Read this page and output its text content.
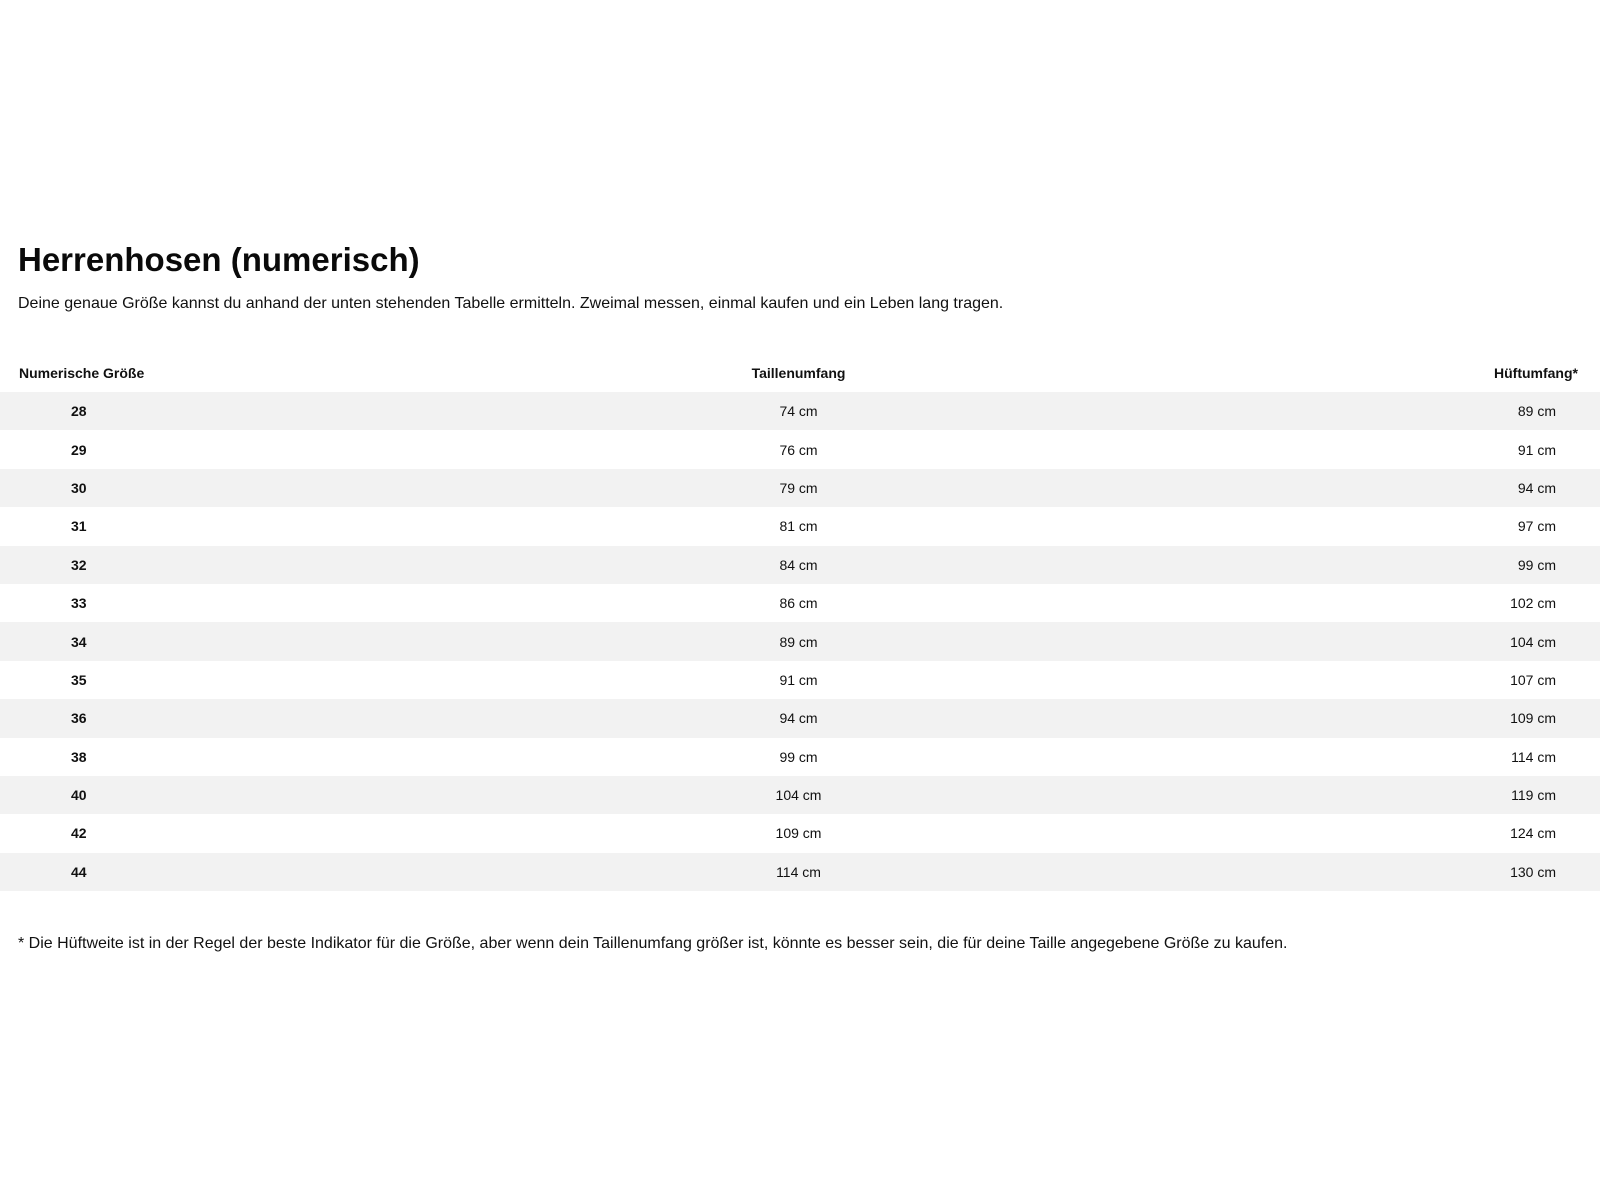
Herrenhosen (numerisch)

Deine genaue Größe kannst du anhand der unten stehenden Tabelle ermitteln. Zweimal messen, einmal kaufen und ein Leben lang tragen.

Numerische Größe	Taillenumfang	Hüftumfang*
28	74 cm	89 cm
29	76 cm	91 cm
30	79 cm	94 cm
31	81 cm	97 cm
32	84 cm	99 cm
33	86 cm	102 cm
34	89 cm	104 cm
35	91 cm	107 cm
36	94 cm	109 cm
38	99 cm	114 cm
40	104 cm	119 cm
42	109 cm	124 cm
44	114 cm	130 cm

* Die Hüftweite ist in der Regel der beste Indikator für die Größe, aber wenn dein Taillenumfang größer ist, könnte es besser sein, die für deine Taille angegebene Größe zu kaufen.
